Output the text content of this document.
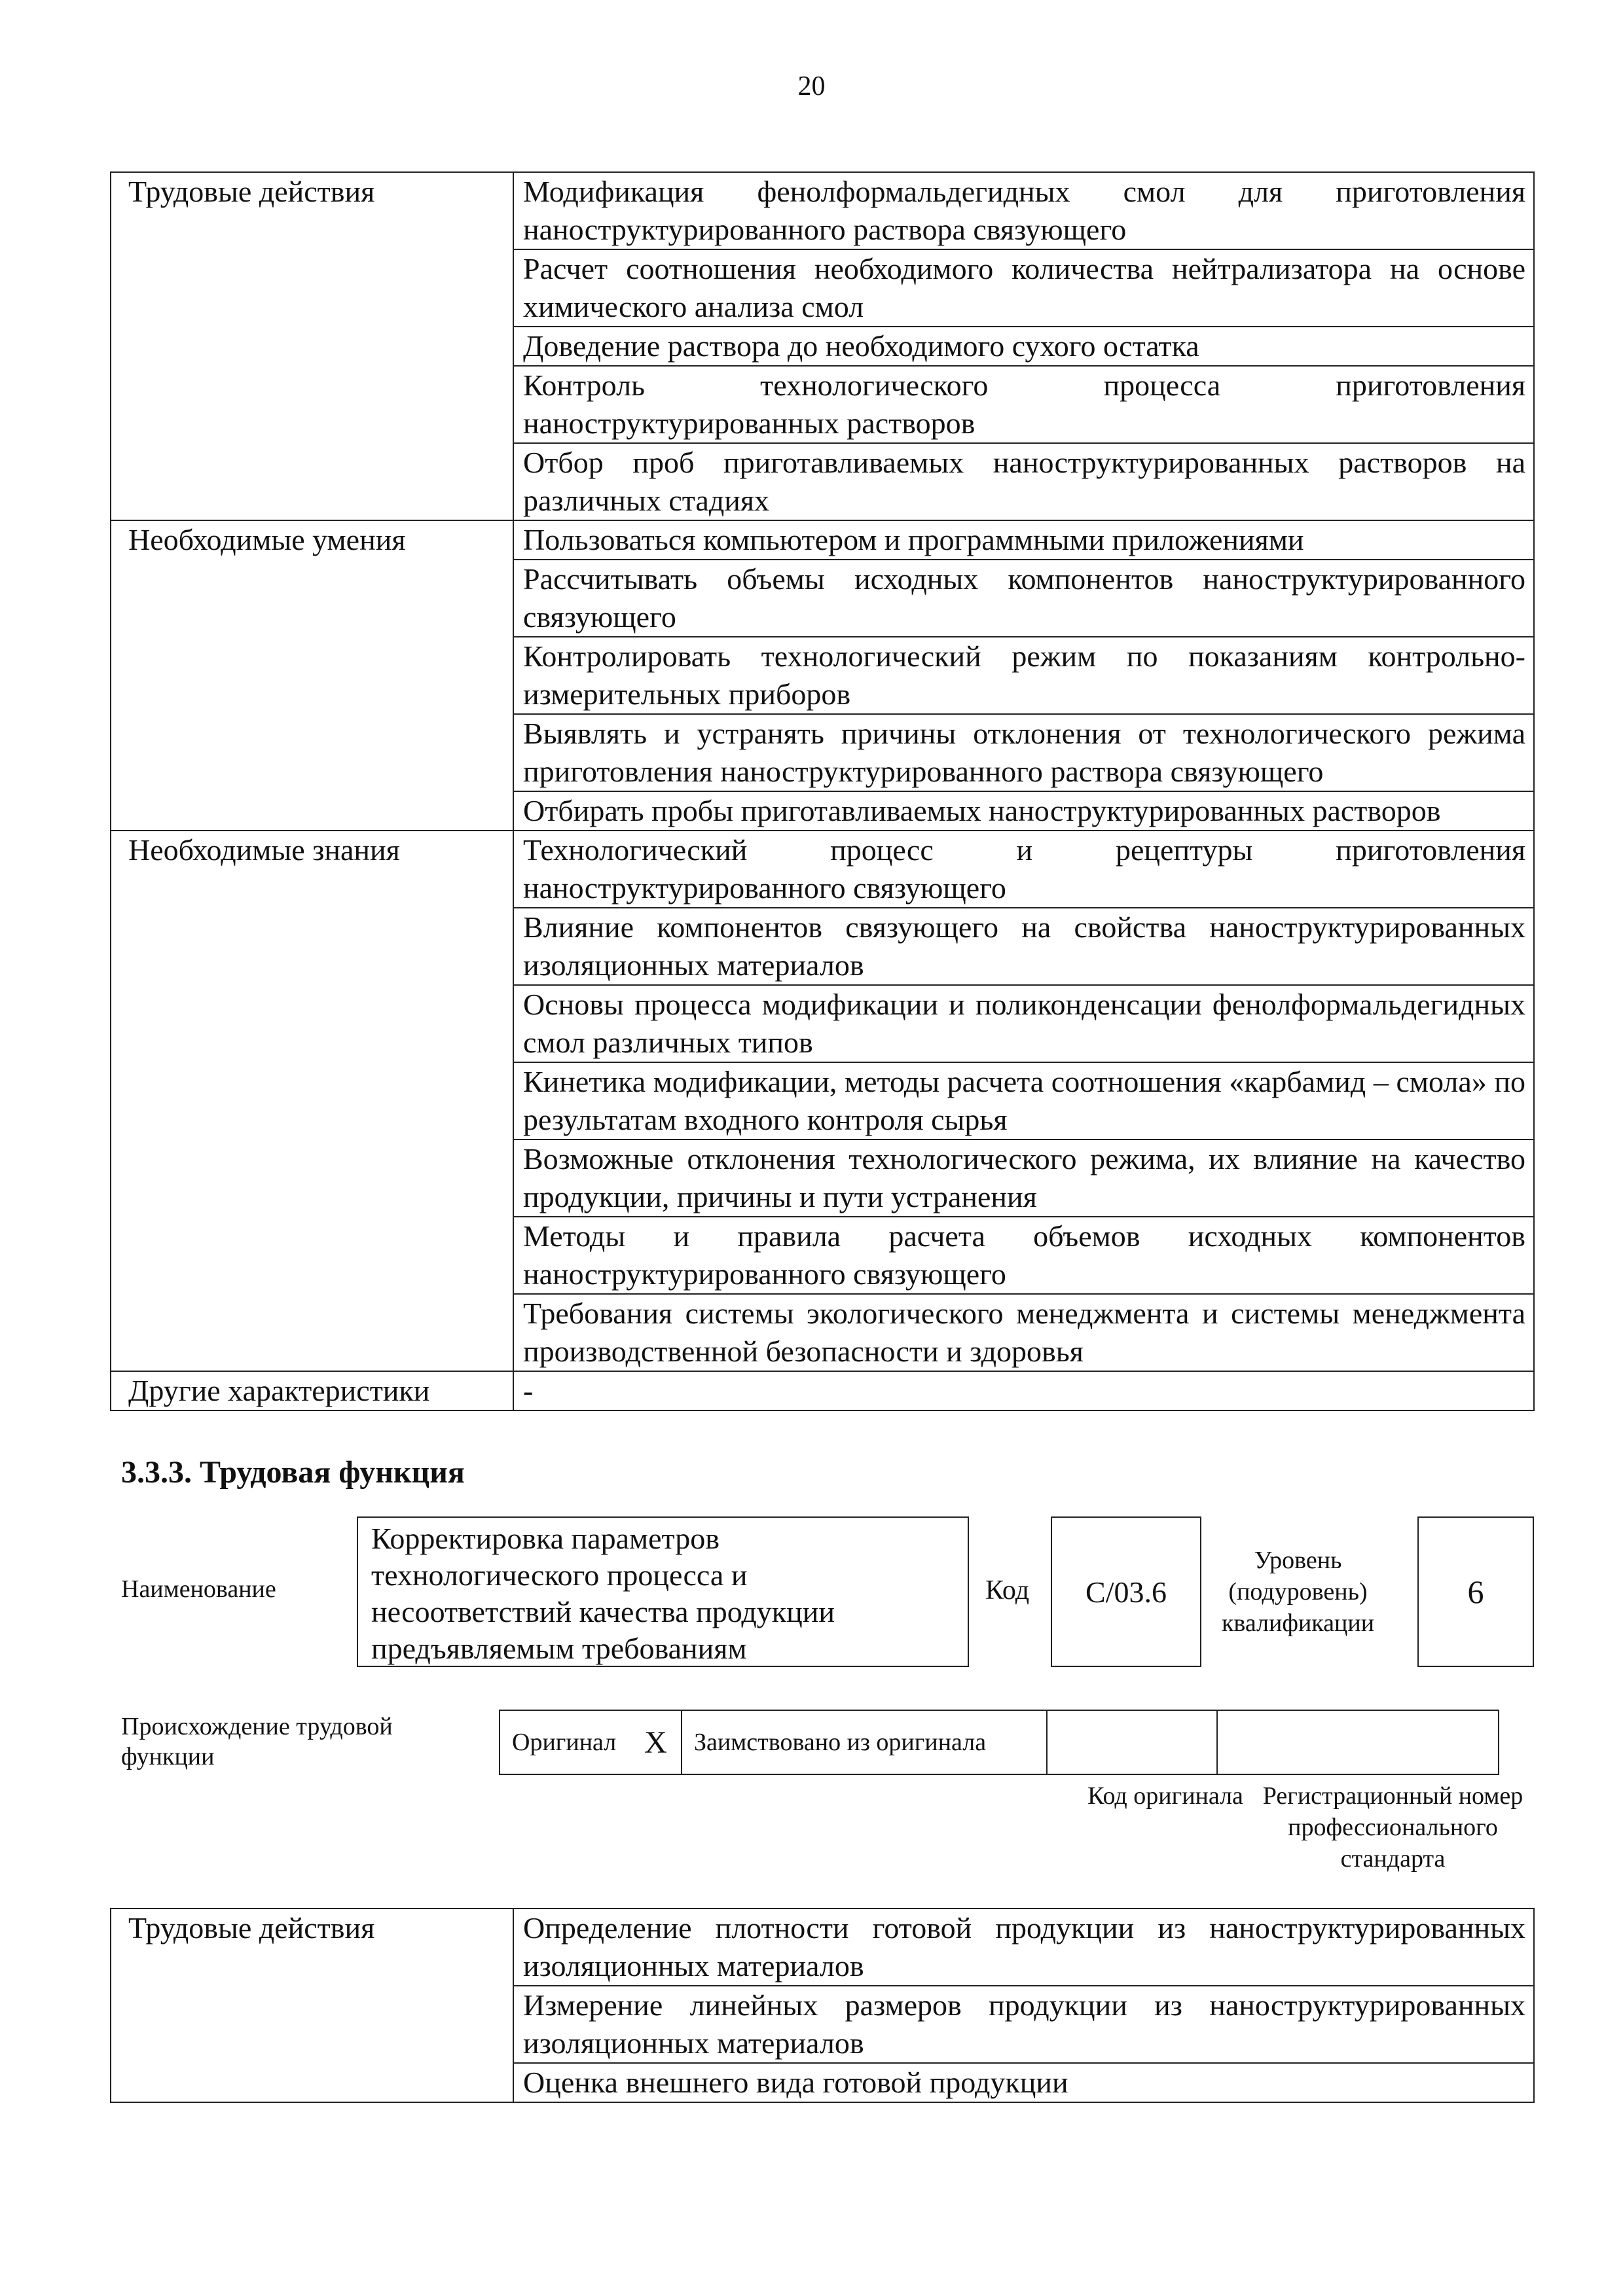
20
Трудовые действия	Модификация фенолформальдегидных смол для приготовления наноструктурированного раствора связующего
	Расчет соотношения необходимого количества нейтрализатора на основе химического анализа смол
	Доведение раствора до необходимого сухого остатка
	Контроль технологического процесса приготовления наноструктурированных растворов
	Отбор проб приготавливаемых наноструктурированных растворов на различных стадиях
Необходимые умения	Пользоваться компьютером и программными приложениями
	Рассчитывать объемы исходных компонентов наноструктурированного связующего
	Контролировать технологический режим по показаниям контрольно-измерительных приборов
	Выявлять и устранять причины отклонения от технологического режима приготовления наноструктурированного раствора связующего
	Отбирать пробы приготавливаемых наноструктурированных растворов
Необходимые знания	Технологический процесс и рецептуры приготовления наноструктурированного связующего
	Влияние компонентов связующего на свойства наноструктурированных изоляционных материалов
	Основы процесса модификации и поликонденсации фенолформальдегидных смол различных типов
	Кинетика модификации, методы расчета соотношения «карбамид – смола» по результатам входного контроля сырья
	Возможные отклонения технологического режима, их влияние на качество продукции, причины и пути устранения
	Методы и правила расчета объемов исходных компонентов наноструктурированного связующего
	Требования системы экологического менеджмента и системы менеджмента производственной безопасности и здоровья
Другие характеристики	-
3.3.3. Трудовая функция
Наименование
Корректировка параметров технологического процесса и несоответствий качества продукции предъявляемым требованиям
Код	C/03.6
Уровень (подуровень) квалификации
6
Происхождение трудовой функции
Оригинал	X	Заимствовано из оригинала		
Код оригинала Регистрационный номер профессионального стандарта
Трудовые действия	Определение плотности готовой продукции из наноструктурированных изоляционных материалов
Измерение линейных размеров продукции из наноструктурированных изоляционных материалов
Оценка внешнего вида готовой продукции
